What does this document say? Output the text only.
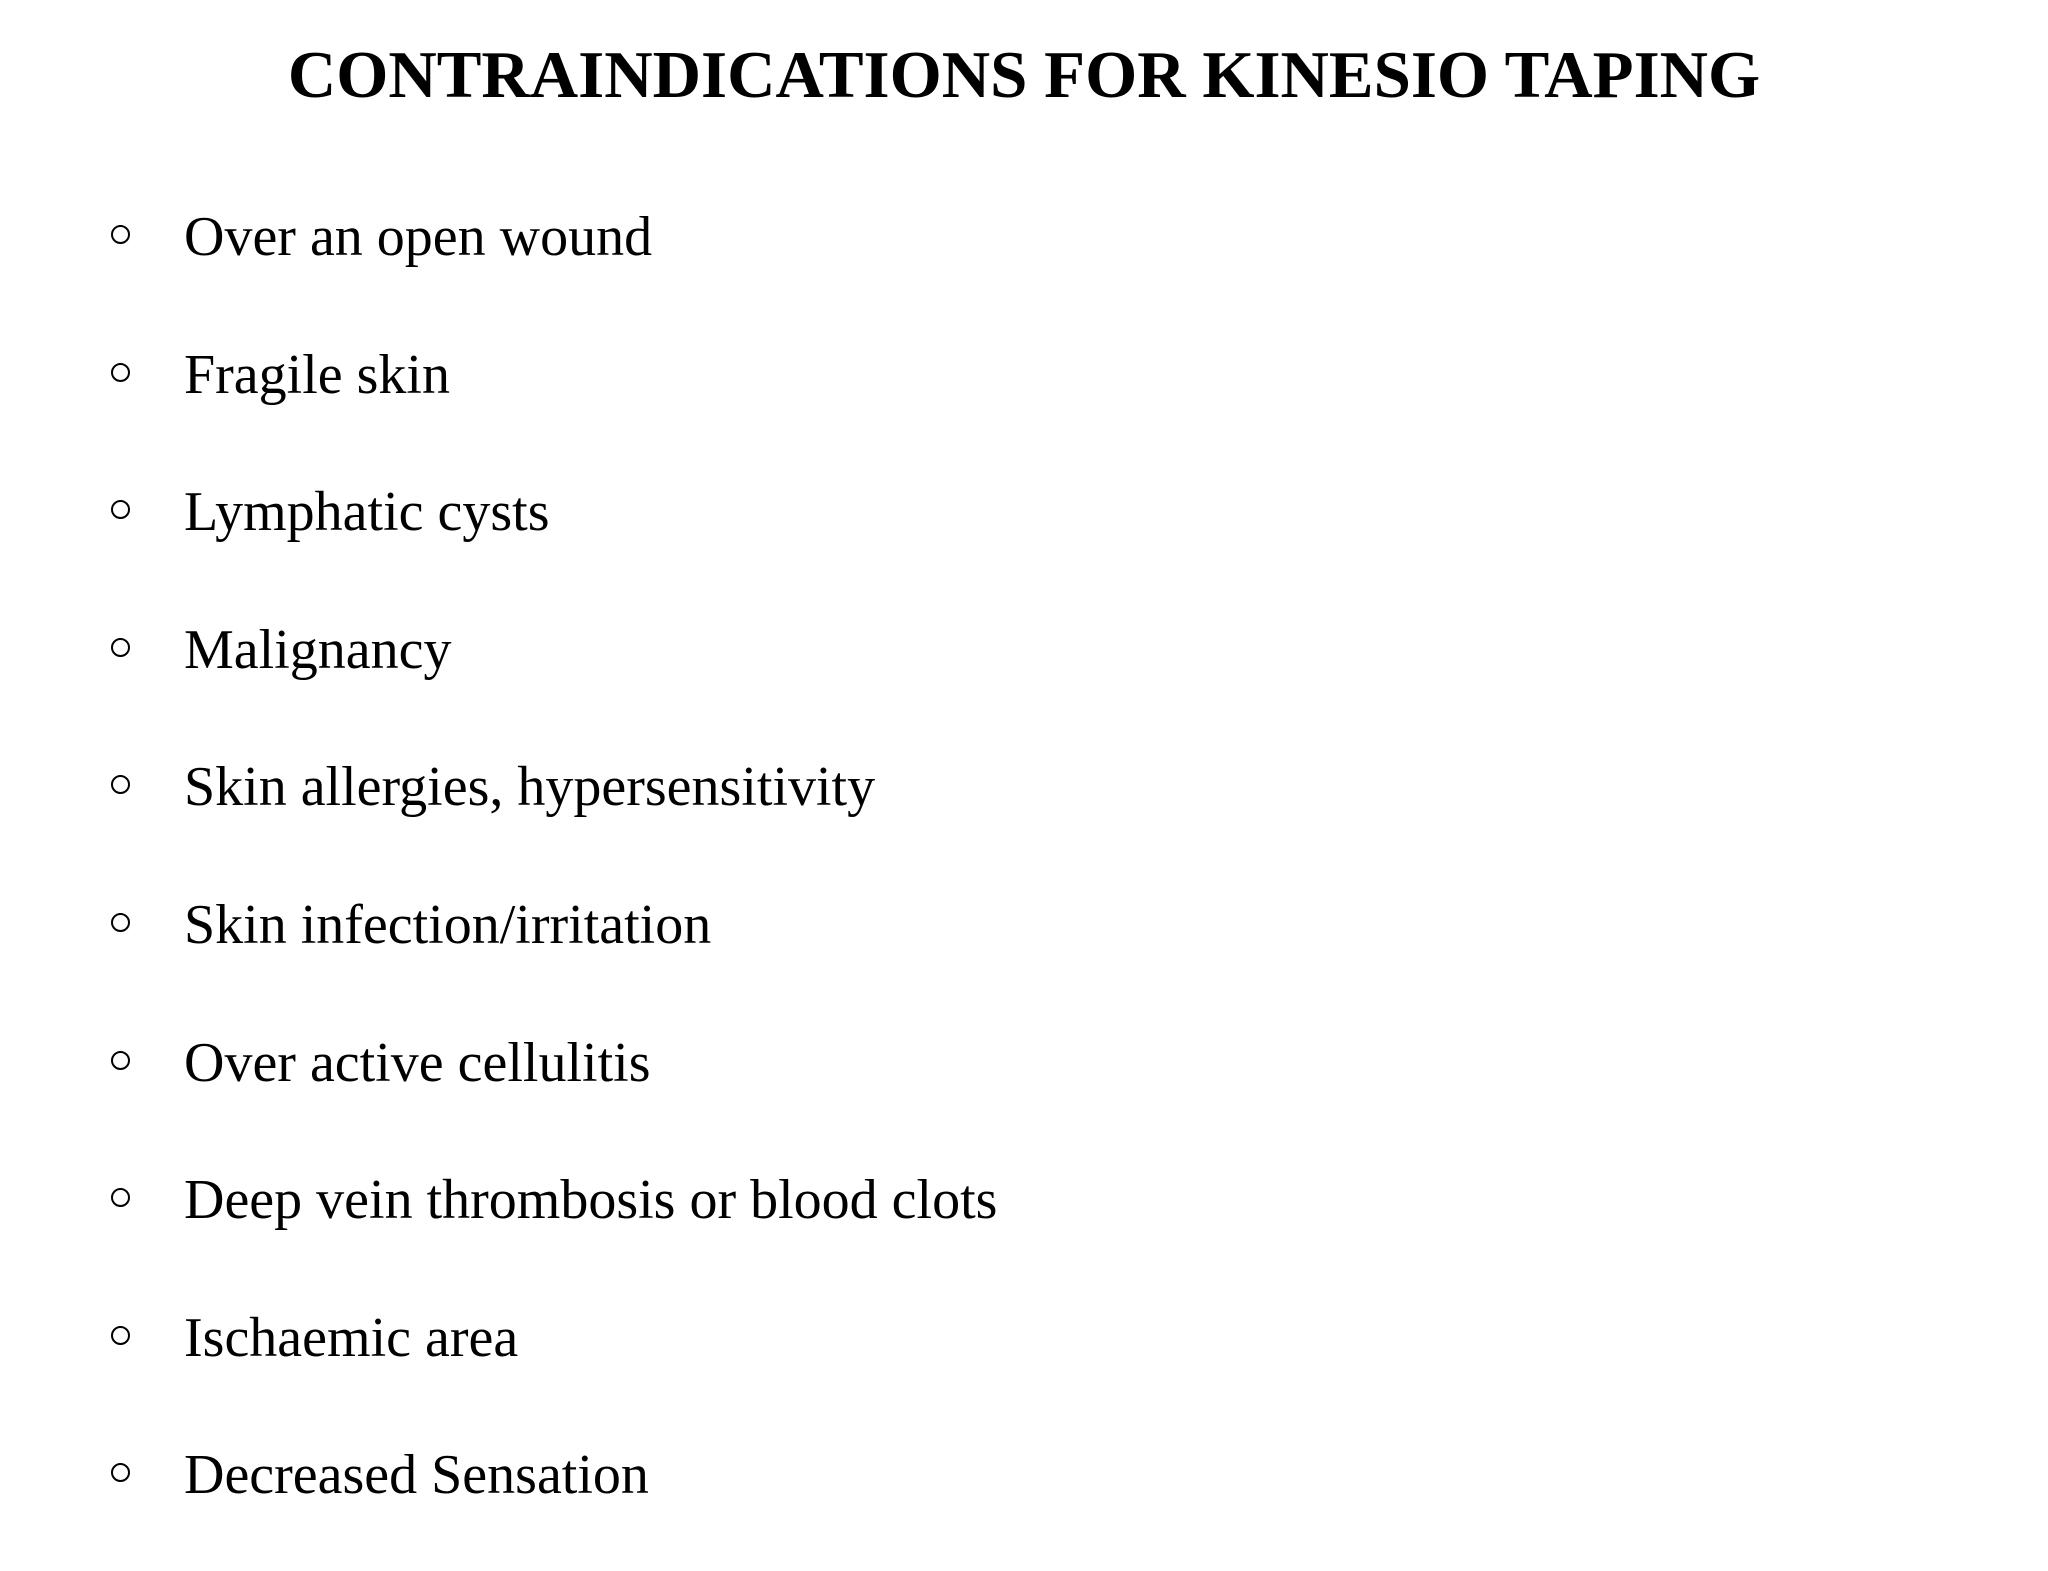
CONTRAINDICATIONS FOR KINESIO TAPING
Over an open wound
Fragile skin
Lymphatic cysts
Malignancy
Skin allergies, hypersensitivity
Skin infection/irritation
Over active cellulitis
Deep vein thrombosis or blood clots
Ischaemic area
Decreased Sensation
